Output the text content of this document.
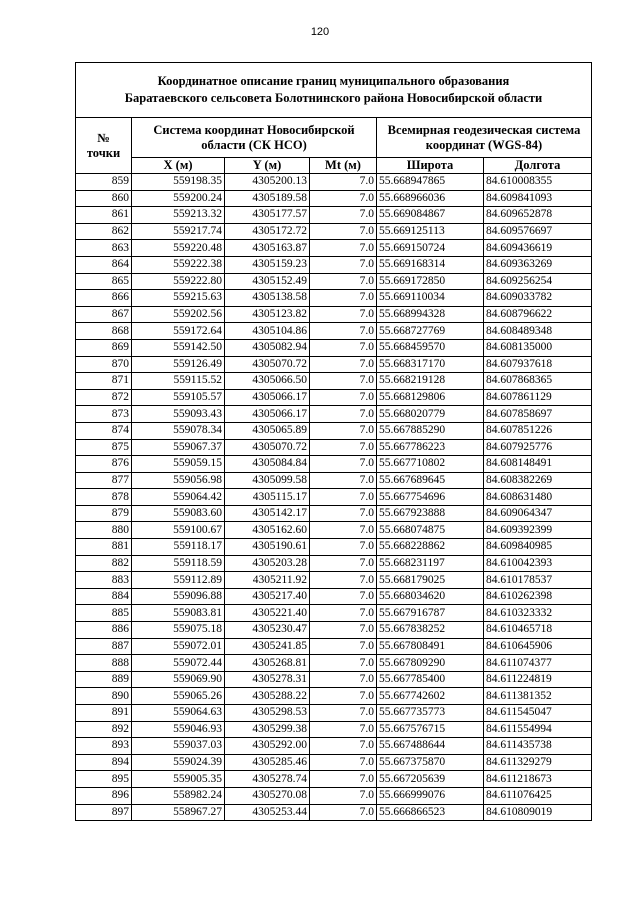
120
Координатное описание границ муниципального образования
Баратаевского сельсовета Болотнинского района Новосибирской области					

№
точки	Система координат Новосибирской области (СК НСО)			Всемирная геодезическая система координат (WGS-84)	
	X (м)	Y (м)	Mt (м)	Широта	Долгота
859	559198.35	4305200.13	7.0	55.668947865	84.610008355
860	559200.24	4305189.58	7.0	55.668966036	84.609841093
861	559213.32	4305177.57	7.0	55.669084867	84.609652878
862	559217.74	4305172.72	7.0	55.669125113	84.609576697
863	559220.48	4305163.87	7.0	55.669150724	84.609436619
864	559222.38	4305159.23	7.0	55.669168314	84.609363269
865	559222.80	4305152.49	7.0	55.669172850	84.609256254
866	559215.63	4305138.58	7.0	55.669110034	84.609033782
867	559202.56	4305123.82	7.0	55.668994328	84.608796622
868	559172.64	4305104.86	7.0	55.668727769	84.608489348
869	559142.50	4305082.94	7.0	55.668459570	84.608135000
870	559126.49	4305070.72	7.0	55.668317170	84.607937618
871	559115.52	4305066.50	7.0	55.668219128	84.607868365
872	559105.57	4305066.17	7.0	55.668129806	84.607861129
873	559093.43	4305066.17	7.0	55.668020779	84.607858697
874	559078.34	4305065.89	7.0	55.667885290	84.607851226
875	559067.37	4305070.72	7.0	55.667786223	84.607925776
876	559059.15	4305084.84	7.0	55.667710802	84.608148491
877	559056.98	4305099.58	7.0	55.667689645	84.608382269
878	559064.42	4305115.17	7.0	55.667754696	84.608631480
879	559083.60	4305142.17	7.0	55.667923888	84.609064347
880	559100.67	4305162.60	7.0	55.668074875	84.609392399
881	559118.17	4305190.61	7.0	55.668228862	84.609840985
882	559118.59	4305203.28	7.0	55.668231197	84.610042393
883	559112.89	4305211.92	7.0	55.668179025	84.610178537
884	559096.88	4305217.40	7.0	55.668034620	84.610262398
885	559083.81	4305221.40	7.0	55.667916787	84.610323332
886	559075.18	4305230.47	7.0	55.667838252	84.610465718
887	559072.01	4305241.85	7.0	55.667808491	84.610645906
888	559072.44	4305268.81	7.0	55.667809290	84.611074377
889	559069.90	4305278.31	7.0	55.667785400	84.611224819
890	559065.26	4305288.22	7.0	55.667742602	84.611381352
891	559064.63	4305298.53	7.0	55.667735773	84.611545047
892	559046.93	4305299.38	7.0	55.667576715	84.611554994
893	559037.03	4305292.00	7.0	55.667488644	84.611435738
894	559024.39	4305285.46	7.0	55.667375870	84.611329279
895	559005.35	4305278.74	7.0	55.667205639	84.611218673
896	558982.24	4305270.08	7.0	55.666999076	84.611076425
897	558967.27	4305253.44	7.0	55.666866523	84.610809019
